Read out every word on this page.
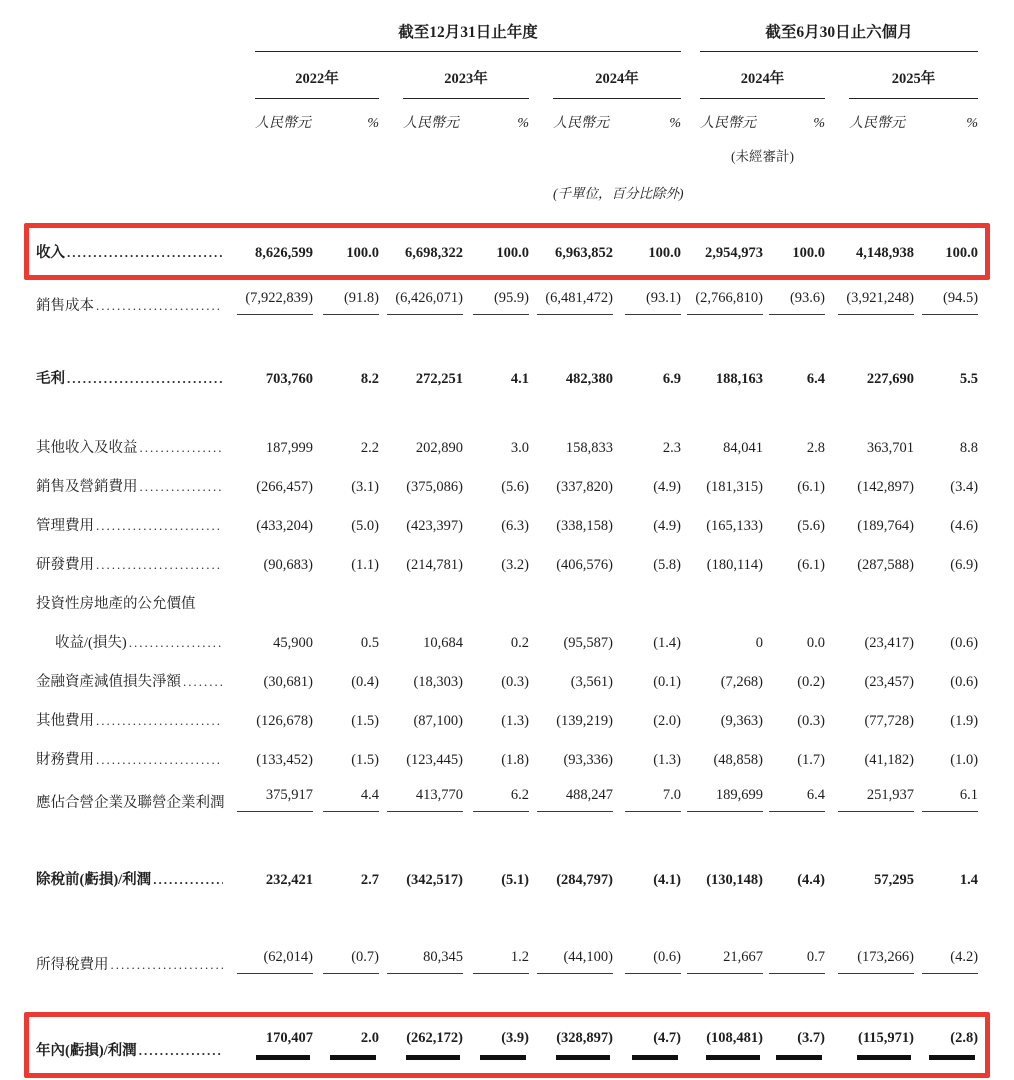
	截至12月31日止年度						截至6月30日止六個月			

	2022年		2023年		2024年		2024年		2025年	

	人民幣元 %		人民幣元 %		人民幣元 %		人民幣元 %		人民幣元 %	

							(未經審計)			

					(千單位，百分比除外)					

收入
.....	8,626,599	100.0	6,698,322	100.0	6,963,852	100.0	2,954,973	100.0	4,148,938	100.0

銷售成本
.....	(7,922,839)	(91.8)	(6,426,071)	(95.9)	(6,481,472)	(93.1)	(2,766,810)	(93.6)	(3,921,248)	(94.5)

毛利
.....	703,760	8.2	272,251	4.1	482,380	6.9	188,163	6.4	227,690	5.5

其他收入及收益
.....	187,999	2.2	202,890	3.0	158,833	2.3	84,041	2.8	363,701	8.8

銷售及營銷費用
.....	(266,457)	(3.1)	(375,086)	(5.6)	(337,820)	(4.9)	(181,315)	(6.1)	(142,897)	(3.4)

管理費用
.....	(433,204)	(5.0)	(423,397)	(6.3)	(338,158)	(4.9)	(165,133)	(5.6)	(189,764)	(4.6)

研發費用
.....	(90,683)	(1.1)	(214,781)	(3.2)	(406,576)	(5.8)	(180,114)	(6.1)	(287,588)	(6.9)

投資性房地產的公允價值										

收益/(損失)
.....	45,900	0.5	10,684	0.2	(95,587)	(1.4)	0	0.0	(23,417)	(0.6)

金融資產減值損失淨額
.....	(30,681)	(0.4)	(18,303)	(0.3)	(3,561)	(0.1)	(7,268)	(0.2)	(23,457)	(0.6)

其他費用
.....	(126,678)	(1.5)	(87,100)	(1.3)	(139,219)	(2.0)	(9,363)	(0.3)	(77,728)	(1.9)

財務費用
.....	(133,452)	(1.5)	(123,445)	(1.8)	(93,336)	(1.3)	(48,858)	(1.7)	(41,182)	(1.0)

應佔合營企業及聯營企業利潤	375,917	4.4	413,770	6.2	488,247	7.0	189,699	6.4	251,937	6.1

除稅前(虧損)/利潤
.....	232,421	2.7	(342,517)	(5.1)	(284,797)	(4.1)	(130,148)	(4.4)	57,295	1.4

所得稅費用
.....	(62,014)	(0.7)	80,345	1.2	(44,100)	(0.6)	21,667	0.7	(173,266)	(4.2)

年內(虧損)/利潤
.....	170,407	2.0	(262,172)	(3.9)	(328,897)	(4.7)	(108,481)	(3.7)	(115,971)	(2.8)
